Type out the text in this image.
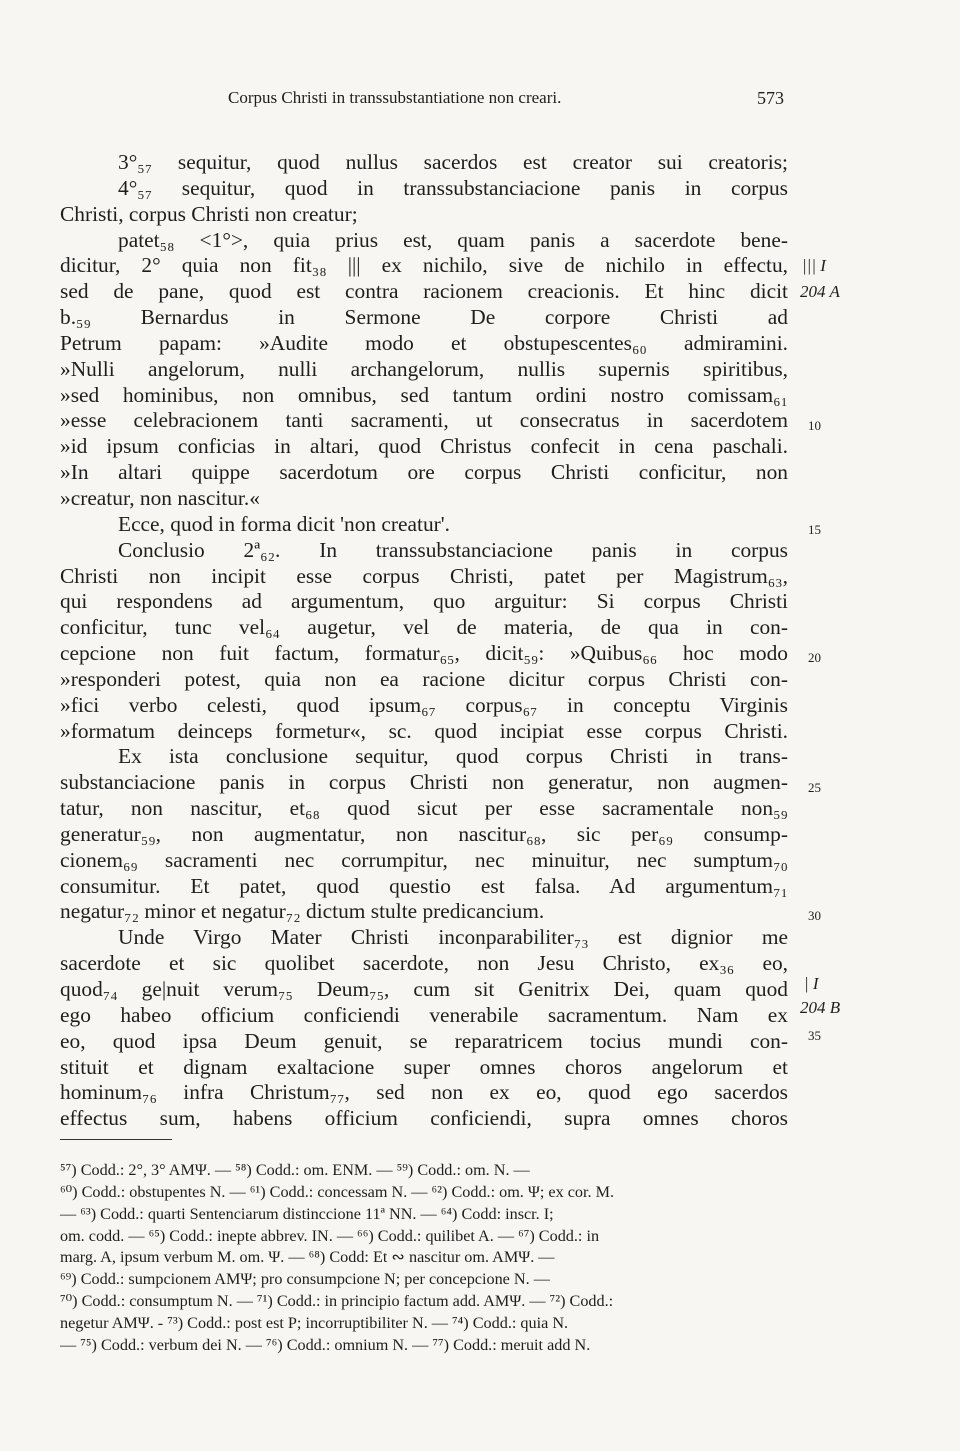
Corpus Christi in transsubstantiatione non creari.	573
3°₅₇ sequitur, quod nullus sacerdos est creator sui creatoris;
4°₅₇ sequitur, quod in transsubstanciacione panis in corpus
Christi, corpus Christi non creatur;
patet₅₈ <1°>, quia prius est, quam panis a sacerdote bene-
dicitur, 2° quia non fit₃₈ ||| ex nichilo, sive de nichilo in effectu,
sed de pane, quod est contra racionem creacionis. Et hinc dicit
b.₅₉ Bernardus in Sermone De corpore Christi ad
Petrum papam: »Audite modo et obstupescentes₆₀ admiramini.
»Nulli angelorum, nulli archangelorum, nullis supernis spiritibus,
»sed hominibus, non omnibus, sed tantum ordini nostro comissam₆₁
»esse celebracionem tanti sacramenti, ut consecratus in sacerdotem
»id ipsum conficias in altari, quod Christus confecit in cena paschali.
»In altari quippe sacerdotum ore corpus Christi conficitur, non
»creatur, non nascitur.«
Ecce, quod in forma dicit 'non creatur'.
Conclusio 2ª₆₂. In transsubstanciacione panis in corpus
Christi non incipit esse corpus Christi, patet per Magistrum₆₃,
qui respondens ad argumentum, quo arguitur: Si corpus Christi
conficitur, tunc vel₆₄ augetur, vel de materia, de qua in con-
cepcione non fuit factum, formatur₆₅, dicit₅₉: »Quibus₆₆ hoc modo
»responderi potest, quia non ea racione dicitur corpus Christi con-
»fici verbo celesti, quod ipsum₆₇ corpus₆₇ in conceptu Virginis
»formatum deinceps formetur«, sc. quod incipiat esse corpus Christi.
Ex ista conclusione sequitur, quod corpus Christi in trans-
substanciacione panis in corpus Christi non generatur, non augmen-
tatur, non nascitur, et₆₈ quod sicut per esse sacramentale non₅₉
generatur₅₉, non augmentatur, non nascitur₆₈, sic per₆₉ consump-
cionem₆₉ sacramenti nec corrumpitur, nec minuitur, nec sumptum₇₀
consumitur. Et patet, quod questio est falsa. Ad argumentum₇₁
negatur₇₂ minor et negatur₇₂ dictum stulte predicancium.
Unde Virgo Mater Christi inconparabiliter₇₃ est dignior me
sacerdote et sic quolibet sacerdote, non Jesu Christo, ex₃₆ eo,
quod₇₄ ge|nuit verum₇₅ Deum₇₅, cum sit Genitrix Dei, quam quod
ego habeo officium conficiendi venerabile sacramentum. Nam ex
eo, quod ipsa Deum genuit, se reparatricem tocius mundi con-
stituit et dignam exaltacione super omnes choros angelorum et
hominum₇₆ infra Christum₇₇, sed non ex eo, quod ego sacerdos
effectus sum, habens officium conficiendi, supra omnes choros
||| I
204 A
10
15
20
25
30
| I
204 B
35
⁵⁷) Codd.: 2°, 3° AMΨ. — ⁵⁸) Codd.: om. ENM. — ⁵⁹) Codd.: om. N. —
⁶⁰) Codd.: obstupentes N. — ⁶¹) Codd.: concessam N. — ⁶²) Codd.: om. Ψ; ex cor. M.
— ⁶³) Codd.: quarti Sentenciarum distinccione 11ª NN. — ⁶⁴) Codd: inscr. I;
om. codd. — ⁶⁵) Codd.: inepte abbrev. IN. — ⁶⁶) Codd.: quilibet A. — ⁶⁷) Codd.: in
marg. A, ipsum verbum M. om. Ψ. — ⁶⁸) Codd: Et ∾ nascitur om. AMΨ. —
⁶⁹) Codd.: sumpcionem AMΨ; pro consumpcione N; per concepcione N. —
⁷⁰) Codd.: consumptum N. — ⁷¹) Codd.: in principio factum add. AMΨ. — ⁷²) Codd.:
negetur AMΨ. - ⁷³) Codd.: post est P; incorruptibiliter N. — ⁷⁴) Codd.: quia N.
— ⁷⁵) Codd.: verbum dei N. — ⁷⁶) Codd.: omnium N. — ⁷⁷) Codd.: meruit add N.
